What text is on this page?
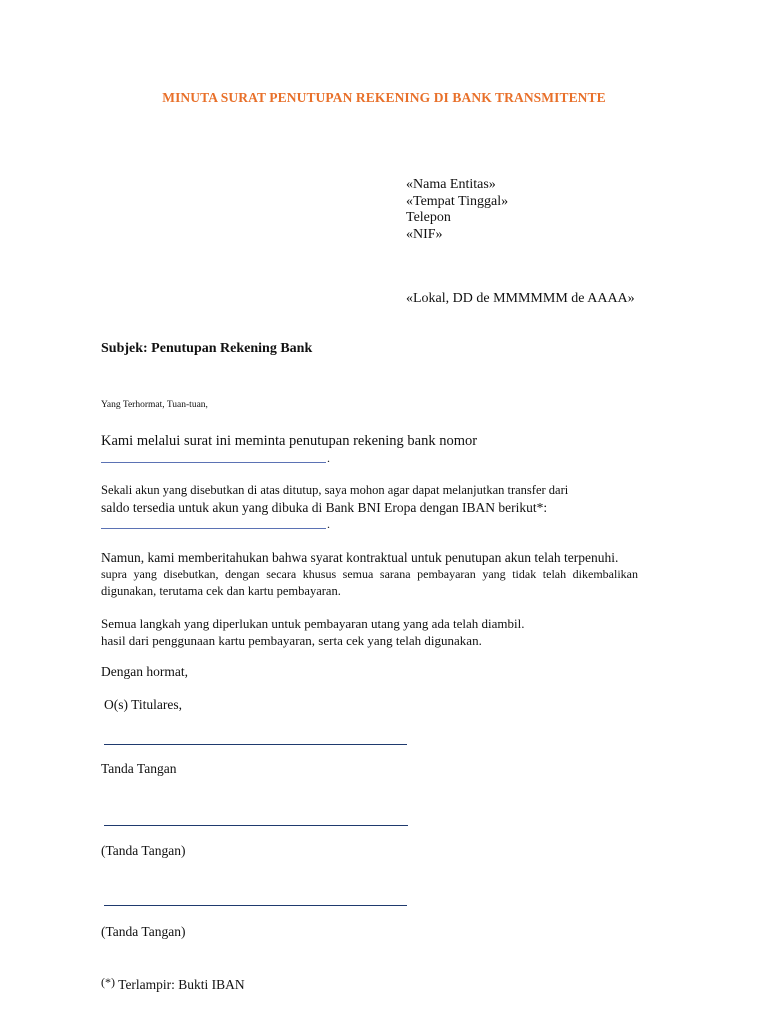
MINUTA SURAT PENUTUPAN REKENING DI BANK TRANSMITENTE
«Nama Entitas»
«Tempat Tinggal»
Telepon
«NIF»
«Lokal, DD de MMMMMM de AAAA»
Subjek: Penutupan Rekening Bank
Yang Terhormat, Tuan-tuan,
Kami melalui surat ini meminta penutupan rekening bank nomor
.
Sekali akun yang disebutkan di atas ditutup, saya mohon agar dapat melanjutkan transfer dari
saldo tersedia untuk akun yang dibuka di Bank BNI Eropa dengan IBAN berikut*:
.
Namun, kami memberitahukan bahwa syarat kontraktual untuk penutupan akun telah terpenuhi.
supra yang disebutkan, dengan secara khusus semua sarana pembayaran yang tidak telah dikembalikan
digunakan, terutama cek dan kartu pembayaran.
Semua langkah yang diperlukan untuk pembayaran utang yang ada telah diambil.
hasil dari penggunaan kartu pembayaran, serta cek yang telah digunakan.
Dengan hormat,
O(s) Titulares,
Tanda Tangan
(Tanda Tangan)
(Tanda Tangan)
(*) Terlampir: Bukti IBAN
